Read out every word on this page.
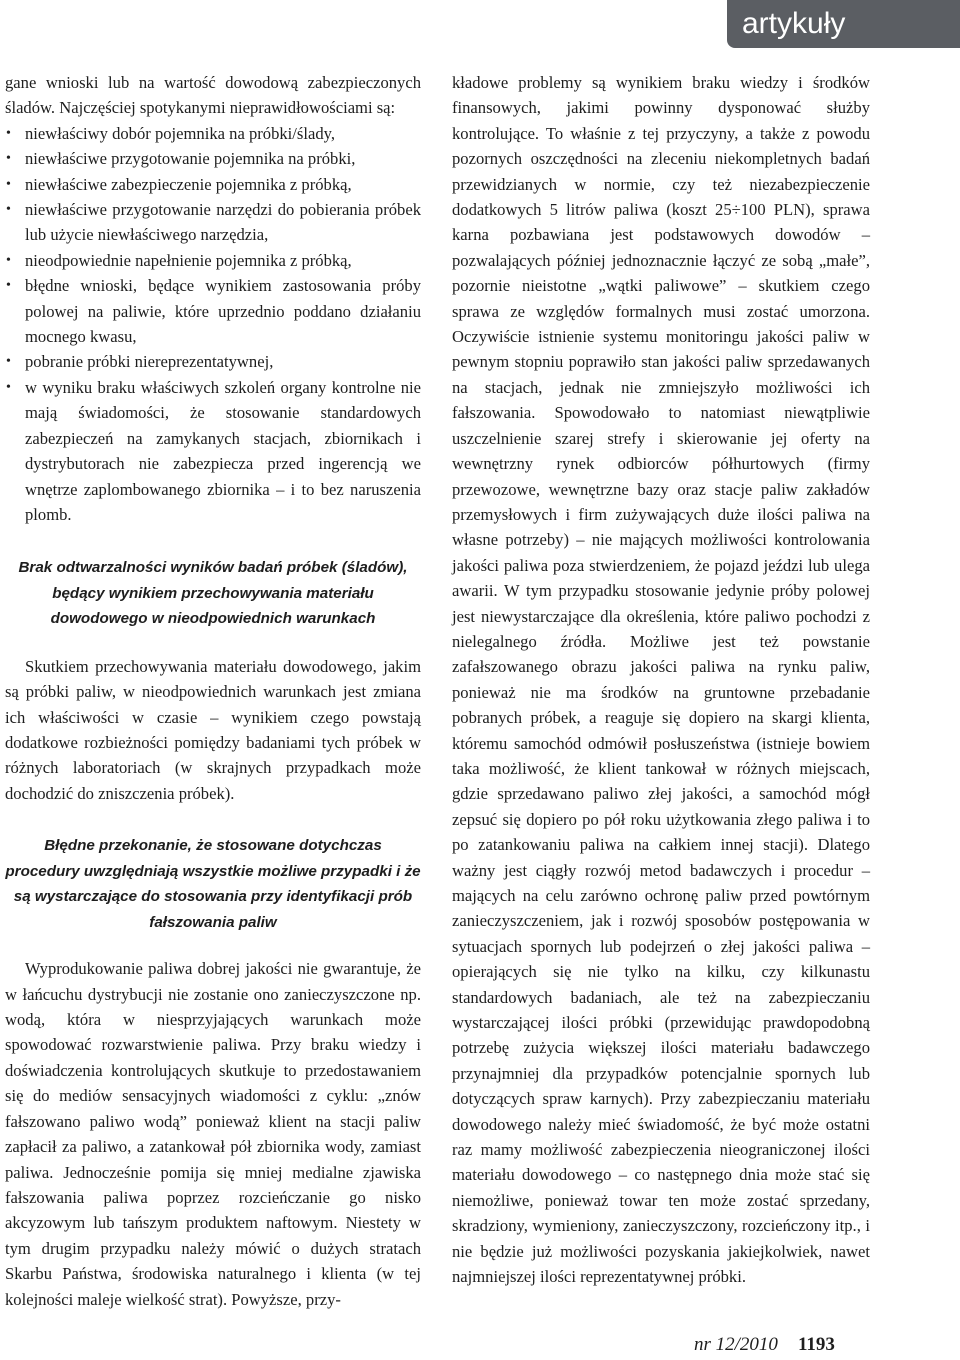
artykuły

gane wnioski lub na wartość dowodową zabezpieczonych śladów. Najczęściej spotykanymi nieprawidłowościami są:

• niewłaściwy dobór pojemnika na próbki/ślady,
• niewłaściwe przygotowanie pojemnika na próbki,
• niewłaściwe zabezpieczenie pojemnika z próbką,
• niewłaściwe przygotowanie narzędzi do pobierania próbek lub użycie niewłaściwego narzędzia,
• nieodpowiednie napełnienie pojemnika z próbką,
• błędne wnioski, będące wynikiem zastosowania próby polowej na paliwie, które uprzednio poddano działaniu mocnego kwasu,
• pobranie próbki niereprezentatywnej,
• w wyniku braku właściwych szkoleń organy kontrolne nie mają świadomości, że stosowanie standardowych zabezpieczeń na zamykanych stacjach, zbiornikach i dystrybutorach nie zabezpiecza przed ingerencją we wnętrze zaplombowanego zbiornika – i to bez naruszenia plomb.
Brak odtwarzalności wyników badań próbek (śladów), będący wynikiem przechowywania materiału dowodowego w nieodpowiednich warunkach

Skutkiem przechowywania materiału dowodowego, jakim są próbki paliw, w nieodpowiednich warunkach jest zmiana ich właściwości w czasie – wynikiem czego powstają dodatkowe rozbieżności pomiędzy badaniami tych próbek w różnych laboratoriach (w skrajnych przypadkach może dochodzić do zniszczenia próbek).

Błędne przekonanie, że stosowane dotychczas procedury uwzględniają wszystkie możliwe przypadki i że są wystarczające do stosowania przy identyfikacji prób fałszowania paliw

Wyprodukowanie paliwa dobrej jakości nie gwarantuje, że w łańcuchu dystrybucji nie zostanie ono zanieczyszczone np. wodą, która w niesprzyjających warunkach może spowodować rozwarstwienie paliwa. Przy braku wiedzy i doświadczenia kontrolujących skutkuje to przedostawaniem się do mediów sensacyjnych wiadomości z cyklu: „znów fałszowano paliwo wodą” ponieważ klient na stacji paliw zapłacił za paliwo, a zatankował pół zbiornika wody, zamiast paliwa. Jednocześnie pomija się mniej medialne zjawiska fałszowania paliwa poprzez rozcieńczanie go nisko akcyzowym lub tańszym produktem naftowym. Niestety w tym drugim przypadku należy mówić o dużych stratach Skarbu Państwa, środowiska naturalnego i klienta (w tej kolejności maleje wielkość strat). Powyższe, przy-

kładowe problemy są wynikiem braku wiedzy i środków finansowych, jakimi powinny dysponować służby kontrolujące. To właśnie z tej przyczyny, a także z powodu pozornych oszczędności na zleceniu niekompletnych badań przewidzianych w normie, czy też niezabezpieczenie dodatkowych 5 litrów paliwa (koszt 25÷100 PLN), sprawa karna pozbawiana jest podstawowych dowodów – pozwalających później jednoznacznie łączyć ze sobą „małe”, pozornie nieistotne „wątki paliwowe” – skutkiem czego sprawa ze względów formalnych musi zostać umorzona. Oczywiście istnienie systemu monitoringu jakości paliw w pewnym stopniu poprawiło stan jakości paliw sprzedawanych na stacjach, jednak nie zmniejszyło możliwości ich fałszowania. Spowodowało to natomiast niewątpliwie uszczelnienie szarej strefy i skierowanie jej oferty na wewnętrzny rynek odbiorców półhurtowych (firmy przewozowe, wewnętrzne bazy oraz stacje paliw zakładów przemysłowych i firm zużywających duże ilości paliwa na własne potrzeby) – nie mających możliwości kontrolowania jakości paliwa poza stwierdzeniem, że pojazd jeździ lub ulega awarii. W tym przypadku stosowanie jedynie próby polowej jest niewystarczające dla określenia, które paliwo pochodzi z nielegalnego źródła. Możliwe jest też powstanie zafałszowanego obrazu jakości paliwa na rynku paliw, ponieważ nie ma środków na gruntowne przebadanie pobranych próbek, a reaguje się dopiero na skargi klienta, któremu samochód odmówił posłuszeństwa (istnieje bowiem taka możliwość, że klient tankował w różnych miejscach, gdzie sprzedawano paliwo złej jakości, a samochód mógł zepsuć się dopiero po pół roku użytkowania złego paliwa i to po zatankowaniu paliwa na całkiem innej stacji). Dlatego ważny jest ciągły rozwój metod badawczych i procedur – mających na celu zarówno ochronę paliw przed powtórnym zanieczyszczeniem, jak i rozwój sposobów postępowania w sytuacjach spornych lub podejrzeń o złej jakości paliwa – opierających się nie tylko na kilku, czy kilkunastu standardowych badaniach, ale też na zabezpieczaniu wystarczającej ilości próbki (przewidując prawdopodobną potrzebę zużycia większej ilości materiału badawczego przynajmniej dla przypadków potencjalnie spornych lub dotyczących spraw karnych). Przy zabezpieczaniu materiału dowodowego należy mieć świadomość, że być może ostatni raz mamy możliwość zabezpieczenia nieograniczonej ilości materiału dowodowego – co następnego dnia może stać się niemożliwe, ponieważ towar ten może zostać sprzedany, skradziony, wymieniony, zanieczyszczony, rozcieńczony itp., i nie będzie już możliwości pozyskania jakiejkolwiek, nawet najmniejszej ilości reprezentatywnej próbki.

nr 12/2010 1193
